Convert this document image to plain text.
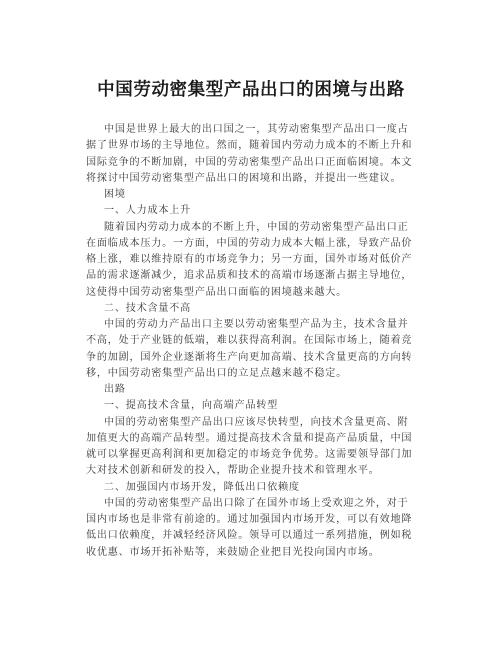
中国劳动密集型产品出口的困境与出路
中国是世界上最大的出口国之一，其劳动密集型产品出口一度占
据了世界市场的主导地位。然而，随着国内劳动力成本的不断上升和
国际竞争的不断加剧，中国的劳动密集型产品出口正面临困境。本文
将探讨中国劳动密集型产品出口的困境和出路，并提出一些建议。
困境
一、人力成本上升
随着国内劳动力成本的不断上升，中国的劳动密集型产品出口正
在面临成本压力。一方面，中国的劳动力成本大幅上涨，导致产品价
格上涨，难以维持原有的市场竞争力；另一方面，国外市场对低价产
品的需求逐渐减少，追求品质和技术的高端市场逐渐占据主导地位，
这使得中国劳动密集型产品出口面临的困境越来越大。
二、技术含量不高
中国的劳动力产品出口主要以劳动密集型产品为主，技术含量并
不高，处于产业链的低端，难以获得高利润。在国际市场上，随着竞
争的加剧，国外企业逐渐将生产向更加高端、技术含量更高的方向转
移，中国劳动密集型产品出口的立足点越来越不稳定。
出路
一、提高技术含量，向高端产品转型
中国的劳动密集型产品出口应该尽快转型，向技术含量更高、附
加值更大的高端产品转型。通过提高技术含量和提高产品质量，中国
就可以掌握更高利润和更加稳定的市场竞争优势。这需要领导部门加
大对技术创新和研发的投入，帮助企业提升技术和管理水平。
二、加强国内市场开发，降低出口依赖度
中国的劳动密集型产品出口除了在国外市场上受欢迎之外，对于
国内市场也是非常有前途的。通过加强国内市场开发，可以有效地降
低出口依赖度，并减轻经济风险。领导可以通过一系列措施，例如税
收优惠、市场开拓补贴等，来鼓励企业把目光投向国内市场。
